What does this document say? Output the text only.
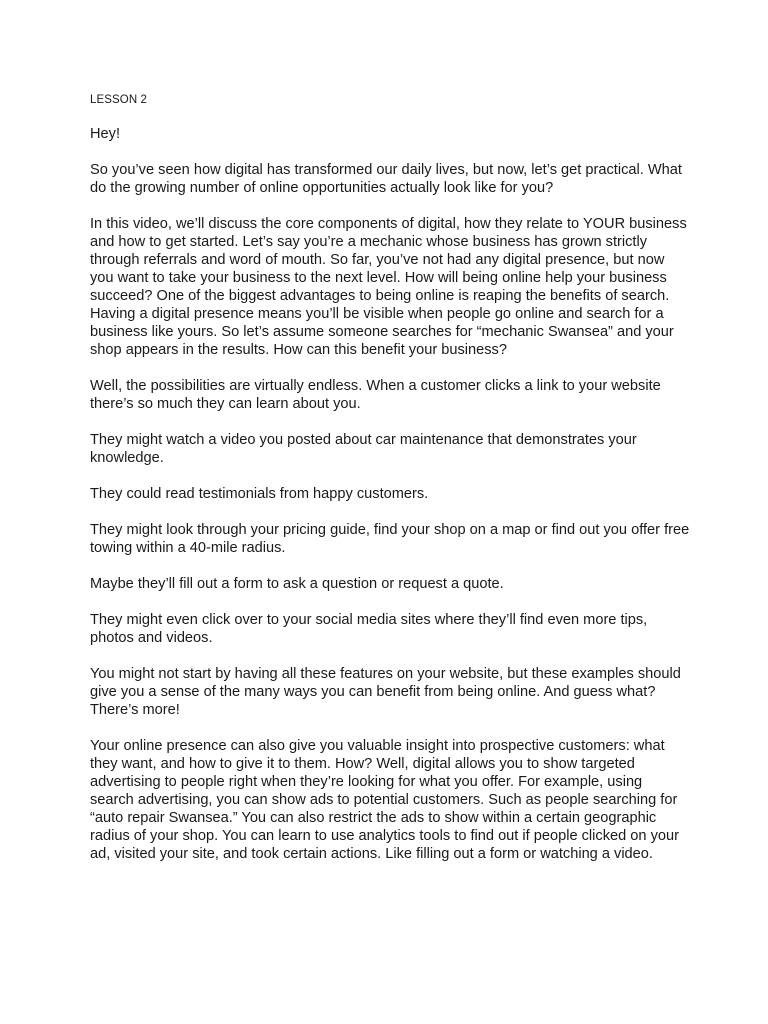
LESSON 2
Hey!
So you’ve seen how digital has transformed our daily lives, but now, let’s get practical. What do the growing number of online opportunities actually look like for you?
In this video, we’ll discuss the core components of digital, how they relate to YOUR business and how to get started. Let’s say you’re a mechanic whose business has grown strictly through referrals and word of mouth. So far, you’ve not had any digital presence, but now you want to take your business to the next level. How will being online help your business succeed? One of the biggest advantages to being online is reaping the benefits of search. Having a digital presence means you’ll be visible when people go online and search for a business like yours. So let’s assume someone searches for “mechanic Swansea” and your shop appears in the results. How can this benefit your business?
Well, the possibilities are virtually endless. When a customer clicks a link to your website there’s so much they can learn about you.
They might watch a video you posted about car maintenance that demonstrates your knowledge.
They could read testimonials from happy customers.
They might look through your pricing guide, find your shop on a map or find out you offer free towing within a 40-mile radius.
Maybe they’ll fill out a form to ask a question or request a quote.
They might even click over to your social media sites where they’ll find even more tips, photos and videos.
You might not start by having all these features on your website, but these examples should give you a sense of the many ways you can benefit from being online. And guess what? There’s more!
Your online presence can also give you valuable insight into prospective customers: what they want, and how to give it to them. How? Well, digital allows you to show targeted advertising to people right when they’re looking for what you offer. For example, using search advertising, you can show ads to potential customers. Such as people searching for “auto repair Swansea.” You can also restrict the ads to show within a certain geographic radius of your shop. You can learn to use analytics tools to find out if people clicked on your ad, visited your site, and took certain actions. Like filling out a form or watching a video.
